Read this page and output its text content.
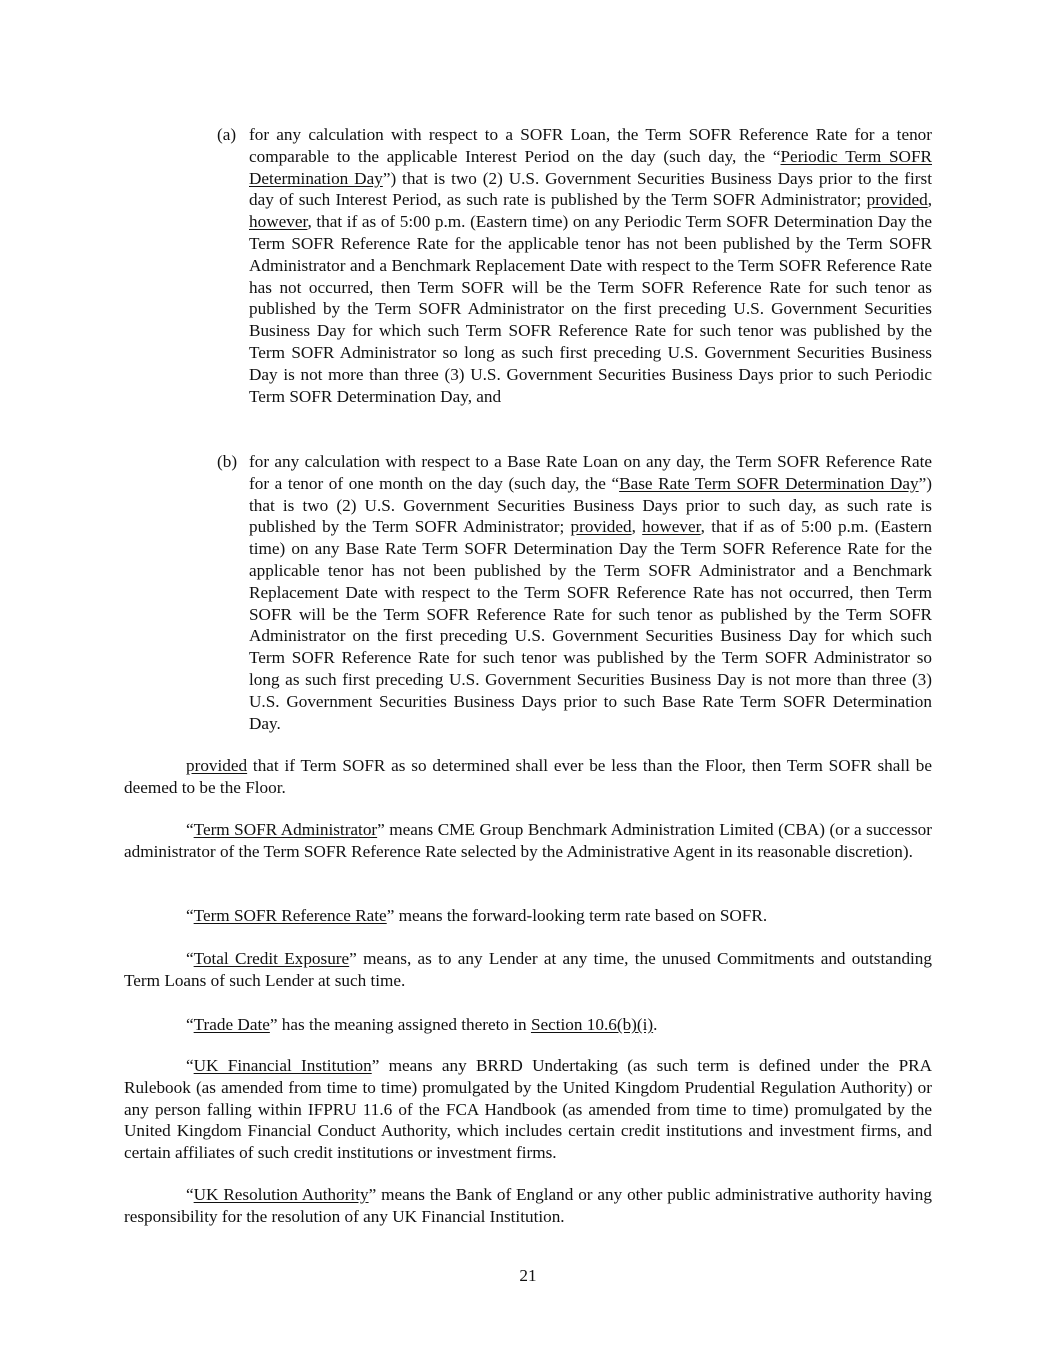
(a) for any calculation with respect to a SOFR Loan, the Term SOFR Reference Rate for a tenor comparable to the applicable Interest Period on the day (such day, the “Periodic Term SOFR Determination Day”) that is two (2) U.S. Government Securities Business Days prior to the first day of such Interest Period, as such rate is published by the Term SOFR Administrator; provided, however, that if as of 5:00 p.m. (Eastern time) on any Periodic Term SOFR Determination Day the Term SOFR Reference Rate for the applicable tenor has not been published by the Term SOFR Administrator and a Benchmark Replacement Date with respect to the Term SOFR Reference Rate has not occurred, then Term SOFR will be the Term SOFR Reference Rate for such tenor as published by the Term SOFR Administrator on the first preceding U.S. Government Securities Business Day for which such Term SOFR Reference Rate for such tenor was published by the Term SOFR Administrator so long as such first preceding U.S. Government Securities Business Day is not more than three (3) U.S. Government Securities Business Days prior to such Periodic Term SOFR Determination Day, and
(b) for any calculation with respect to a Base Rate Loan on any day, the Term SOFR Reference Rate for a tenor of one month on the day (such day, the “Base Rate Term SOFR Determination Day”) that is two (2) U.S. Government Securities Business Days prior to such day, as such rate is published by the Term SOFR Administrator; provided, however, that if as of 5:00 p.m. (Eastern time) on any Base Rate Term SOFR Determination Day the Term SOFR Reference Rate for the applicable tenor has not been published by the Term SOFR Administrator and a Benchmark Replacement Date with respect to the Term SOFR Reference Rate has not occurred, then Term SOFR will be the Term SOFR Reference Rate for such tenor as published by the Term SOFR Administrator on the first preceding U.S. Government Securities Business Day for which such Term SOFR Reference Rate for such tenor was published by the Term SOFR Administrator so long as such first preceding U.S. Government Securities Business Day is not more than three (3) U.S. Government Securities Business Days prior to such Base Rate Term SOFR Determination Day.

provided that if Term SOFR as so determined shall ever be less than the Floor, then Term SOFR shall be deemed to be the Floor.

“Term SOFR Administrator” means CME Group Benchmark Administration Limited (CBA) (or a successor administrator of the Term SOFR Reference Rate selected by the Administrative Agent in its reasonable discretion).

“Term SOFR Reference Rate” means the forward-looking term rate based on SOFR.

“Total Credit Exposure” means, as to any Lender at any time, the unused Commitments and outstanding Term Loans of such Lender at such time.

“Trade Date” has the meaning assigned thereto in Section 10.6(b)(i).

“UK Financial Institution” means any BRRD Undertaking (as such term is defined under the PRA Rulebook (as amended from time to time) promulgated by the United Kingdom Prudential Regulation Authority) or any person falling within IFPRU 11.6 of the FCA Handbook (as amended from time to time) promulgated by the United Kingdom Financial Conduct Authority, which includes certain credit institutions and investment firms, and certain affiliates of such credit institutions or investment firms.

“UK Resolution Authority” means the Bank of England or any other public administrative authority having responsibility for the resolution of any UK Financial Institution.

21
